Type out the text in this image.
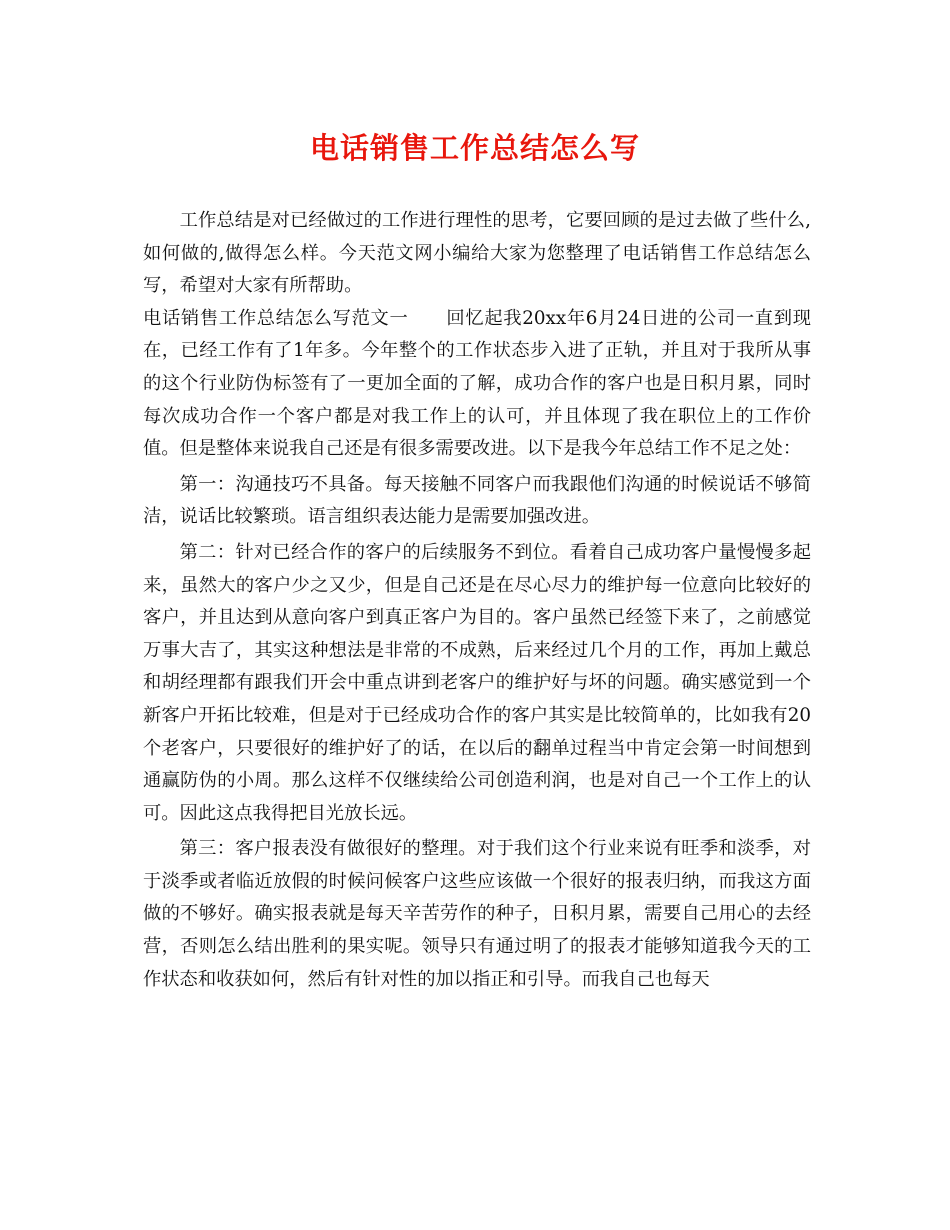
电话销售工作总结怎么写

工作总结是对已经做过的工作进行理性的思考，它要回顾的是过去做了些什么,如何做的,做得怎么样。今天范文网小编给大家为您整理了电话销售工作总结怎么写，希望对大家有所帮助。

电话销售工作总结怎么写范文一　　回忆起我20xx年6月24日进的公司一直到现在，已经工作有了1年多。今年整个的工作状态步入进了正轨，并且对于我所从事的这个行业防伪标签有了一更加全面的了解，成功合作的客户也是日积月累，同时每次成功合作一个客户都是对我工作上的认可，并且体现了我在职位上的工作价值。但是整体来说我自己还是有很多需要改进。以下是我今年总结工作不足之处：

第一：沟通技巧不具备。每天接触不同客户而我跟他们沟通的时候说话不够简洁，说话比较繁琐。语言组织表达能力是需要加强改进。

第二：针对已经合作的客户的后续服务不到位。看着自己成功客户量慢慢多起来，虽然大的客户少之又少，但是自己还是在尽心尽力的维护每一位意向比较好的客户，并且达到从意向客户到真正客户为目的。客户虽然已经签下来了，之前感觉万事大吉了，其实这种想法是非常的不成熟，后来经过几个月的工作，再加上戴总和胡经理都有跟我们开会中重点讲到老客户的维护好与坏的问题。确实感觉到一个新客户开拓比较难，但是对于已经成功合作的客户其实是比较简单的，比如我有20个老客户，只要很好的维护好了的话，在以后的翻单过程当中肯定会第一时间想到通赢防伪的小周。那么这样不仅继续给公司创造利润，也是对自己一个工作上的认可。因此这点我得把目光放长远。

第三：客户报表没有做很好的整理。对于我们这个行业来说有旺季和淡季，对于淡季或者临近放假的时候问候客户这些应该做一个很好的报表归纳，而我这方面做的不够好。确实报表就是每天辛苦劳作的种子，日积月累，需要自己用心的去经营，否则怎么结出胜利的果实呢。领导只有通过明了的报表才能够知道我今天的工作状态和收获如何，然后有针对性的加以指正和引导。而我自己也每天
